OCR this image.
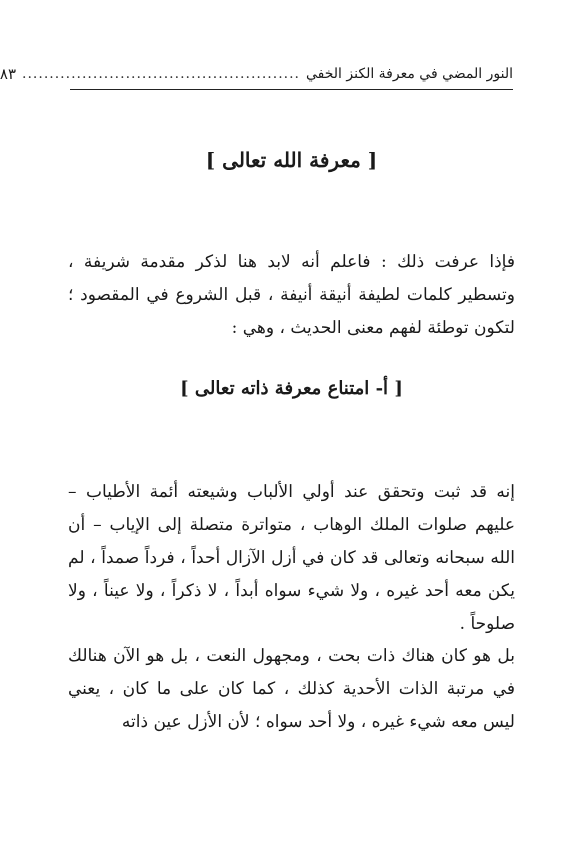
النور المضي في معرفة الكنز الخفي
...................................................
٨٣
[ معرفة الله تعالى ]

فإذا عرفت ذلك : فاعلم أنه لابد هنا لذكر مقدمة شريفة ، وتسطير كلمات لطيفة أنيقة أنيفة ، قبل الشروع في المقصود ؛ لتكون توطئة لفهم معنى الحديث ، وهي :

[ أ- امتناع معرفة ذاته تعالى ]

إنه قد ثبت وتحقق عند أولي الألباب وشيعته أئمة الأطياب – عليهم صلوات الملك الوهاب ، متواترة متصلة إلى الإياب – أن الله سبحانه وتعالى قد كان في أزل الآزال أحداً ، فرداً صمداً ، لم يكن معه أحد غيره ، ولا شيء سواه أبداً ، لا ذكراً ، ولا عيناً ، ولا صلوحاً .

بل هو كان هناك ذات بحت ، ومجهول النعت ، بل هو الآن هنالك في مرتبة الذات الأحدية كذلك ، كما كان على ما كان ، يعني ليس معه شيء غيره ، ولا أحد سواه ؛ لأن الأزل عين ذاته
